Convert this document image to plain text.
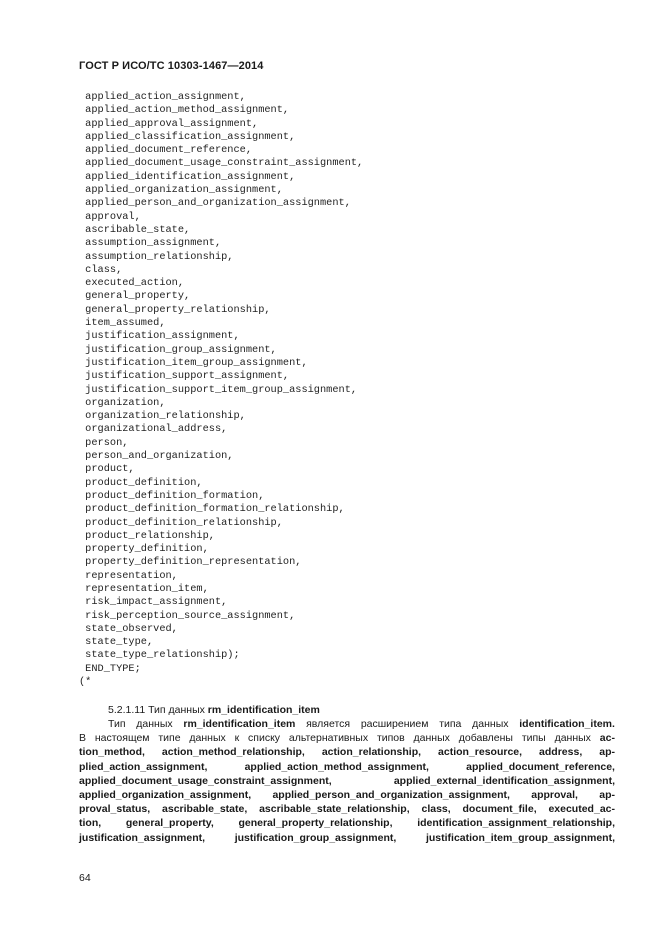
ГОСТ Р ИСО/ТС 10303-1467—2014
applied_action_assignment,
applied_action_method_assignment,
applied_approval_assignment,
applied_classification_assignment,
applied_document_reference,
applied_document_usage_constraint_assignment,
applied_identification_assignment,
applied_organization_assignment,
applied_person_and_organization_assignment,
approval,
ascribable_state,
assumption_assignment,
assumption_relationship,
class,
executed_action,
general_property,
general_property_relationship,
item_assumed,
justification_assignment,
justification_group_assignment,
justification_item_group_assignment,
justification_support_assignment,
justification_support_item_group_assignment,
organization,
organization_relationship,
organizational_address,
person,
person_and_organization,
product,
product_definition,
product_definition_formation,
product_definition_formation_relationship,
product_definition_relationship,
product_relationship,
property_definition,
property_definition_representation,
representation,
representation_item,
risk_impact_assignment,
risk_perception_source_assignment,
state_observed,
state_type,
state_type_relationship);
END_TYPE;
(*
5.2.1.11 Тип данных rm_identification_item
Тип данных rm_identification_item является расширением типа данных identification_item.
В настоящем типе данных к списку альтернативных типов данных добавлены типы данных ac-
tion_method, action_method_relationship, action_relationship, action_resource, address, ap-
plied_action_assignment,	applied_action_method_assignment,	applied_document_reference,
applied_document_usage_constraint_assignment,	applied_external_identification_assignment,
applied_organization_assignment, applied_person_and_organization_assignment, approval, ap-
proval_status, ascribable_state, ascribable_state_relationship, class, document_file, executed_ac-
tion, general_property, general_property_relationship, identification_assignment_relationship,
justification_assignment,	justification_group_assignment,	justification_item_group_assignment,
64
